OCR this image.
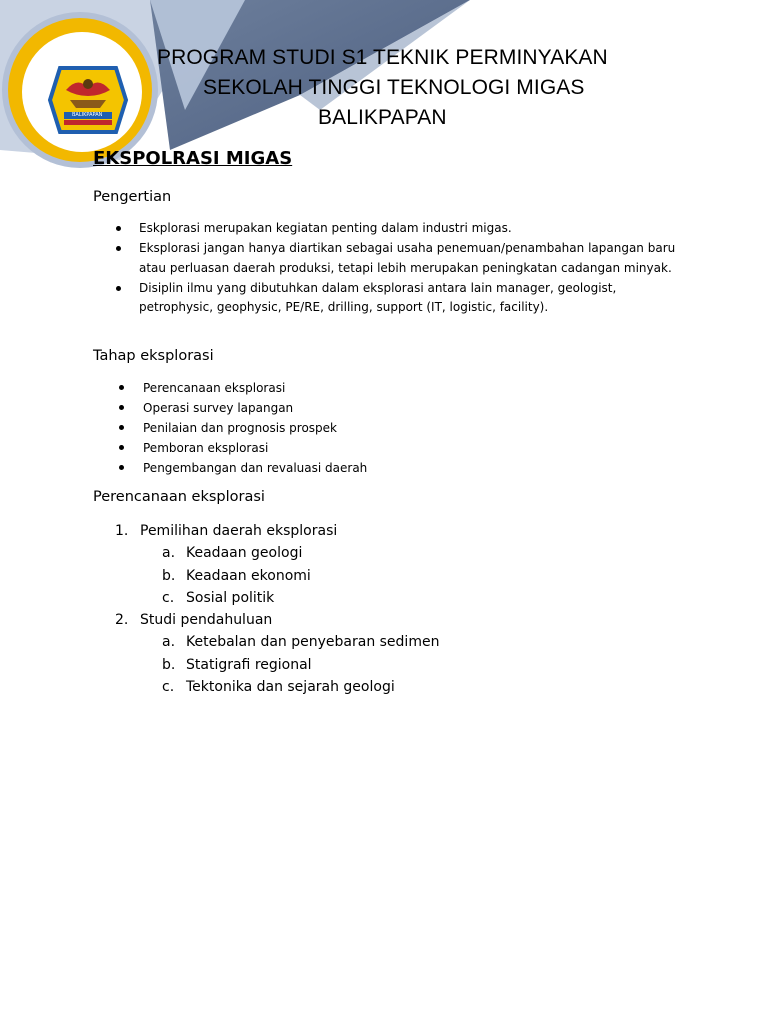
BALIKPAPAN
PROGRAM STUDI S1 TEKNIK PERMINYAKAN
SEKOLAH TINGGI TEKNOLOGI MIGAS
BALIKPAPAN
EKSPOLRASI MIGAS
Pengertian
Eskplorasi merupakan kegiatan penting dalam industri migas.
Eksplorasi jangan hanya diartikan sebagai usaha penemuan/penambahan lapangan baru atau perluasan daerah produksi, tetapi lebih merupakan peningkatan cadangan minyak.
Disiplin ilmu yang dibutuhkan dalam eksplorasi antara lain manager, geologist, petrophysic, geophysic, PE/RE, drilling, support (IT, logistic, facility).
Tahap eksplorasi
Perencanaan eksplorasi
Operasi survey lapangan
Penilaian dan prognosis prospek
Pemboran eksplorasi
Pengembangan dan revaluasi daerah
Perencanaan eksplorasi
1. Pemilihan daerah eksplorasi
a. Keadaan geologi
b. Keadaan ekonomi
c. Sosial politik
2. Studi pendahuluan
a. Ketebalan dan penyebaran sedimen
b. Statigrafi regional
c. Tektonika dan sejarah geologi
